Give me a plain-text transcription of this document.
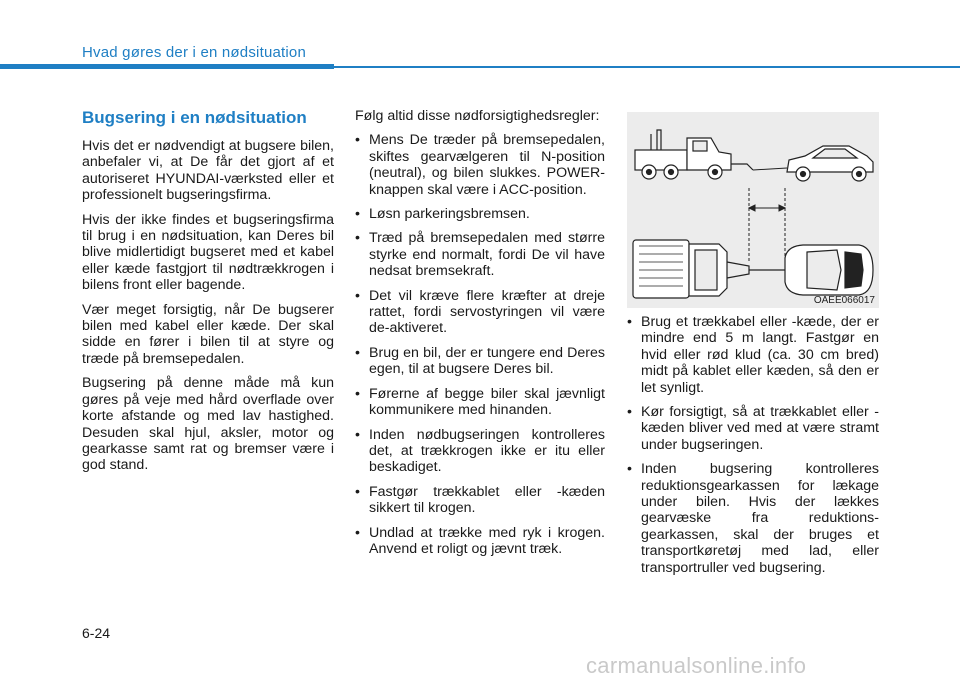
Hvad gøres der i en nødsituation
Bugsering i en nødsituation

Hvis det er nødvendigt at bugsere bilen, anbefaler vi, at De får det gjort af et autoriseret HYUNDAI-værksted eller et professionelt bugseringsfirma.

Hvis der ikke findes et bugseringsfirma til brug i en nødsituation, kan Deres bil blive midlertidigt bugseret med et kabel eller kæde fastgjort til nødtrækkrogen i bilens front eller bagende.

Vær meget forsigtig, når De bugserer bilen med kabel eller kæde. Der skal sidde en fører i bilen til at styre og træde på bremsepedalen.

Bugsering på denne måde må kun gøres på veje med hård overflade over korte afstande og med lav hastighed. Desuden skal hjul, aksler, motor og gearkasse samt rat og bremser være i god stand.

Følg altid disse nødforsigtighedsregler:

• Mens De træder på bremsepedalen, skiftes gearvælgeren til N-position (neutral), og bilen slukkes. POWER-knappen skal være i ACC-position.
• Løsn parkeringsbremsen.
• Træd på bremsepedalen med større styrke end normalt, fordi De vil have nedsat bremsekraft.
• Det vil kræve flere kræfter at dreje rattet, fordi servostyringen vil være de-aktiveret.
• Brug en bil, der er tungere end Deres egen, til at bugsere Deres bil.
• Førerne af begge biler skal jævnligt kommunikere med hinanden.
• Inden nødbugseringen kontrolleres det, at trækkrogen ikke er itu eller beskadiget.
• Fastgør trækkablet eller -kæden sikkert til krogen.
• Undlad at trække med ryk i krogen. Anvend et roligt og jævnt træk.
OAEE066017
• Brug et trækkabel eller -kæde, der er mindre end 5 m langt. Fastgør en hvid eller rød klud (ca. 30 cm bred) midt på kablet eller kæden, så den er let synligt.
• Kør forsigtigt, så at trækkablet eller -kæden bliver ved med at være stramt under bugseringen.
• Inden bugsering kontrolleres reduktionsgearkassen for lækage under bilen. Hvis der lækkes gearvæske fra reduktions- gearkassen, skal der bruges et transportkøretøj med lad, eller transportruller ved bugsering.
6-24
carmanualsonline.info
